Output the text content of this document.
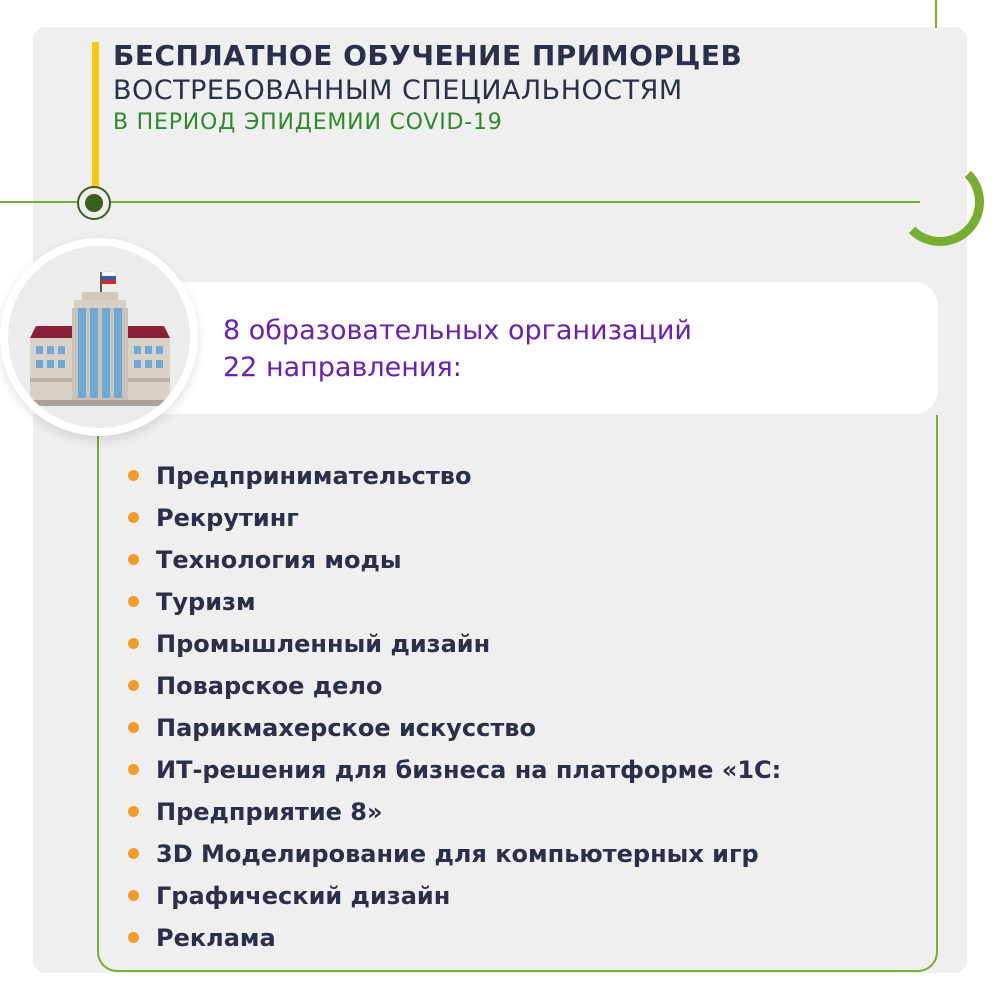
БЕСПЛАТНОЕ ОБУЧЕНИЕ ПРИМОРЦЕВ
ВОСТРЕБОВАННЫМ СПЕЦИАЛЬНОСТЯМ
В ПЕРИОД ЭПИДЕМИИ COVID-19
8 образовательных организаций
22 направления:
Предпринимательство
Рекрутинг
Технология моды
Туризм
Промышленный дизайн
Поварское дело
Парикмахерское искусство
ИТ-решения для бизнеса на платформе «1С:
Предприятие 8»
3D Моделирование для компьютерных игр
Графический дизайн
Реклама
